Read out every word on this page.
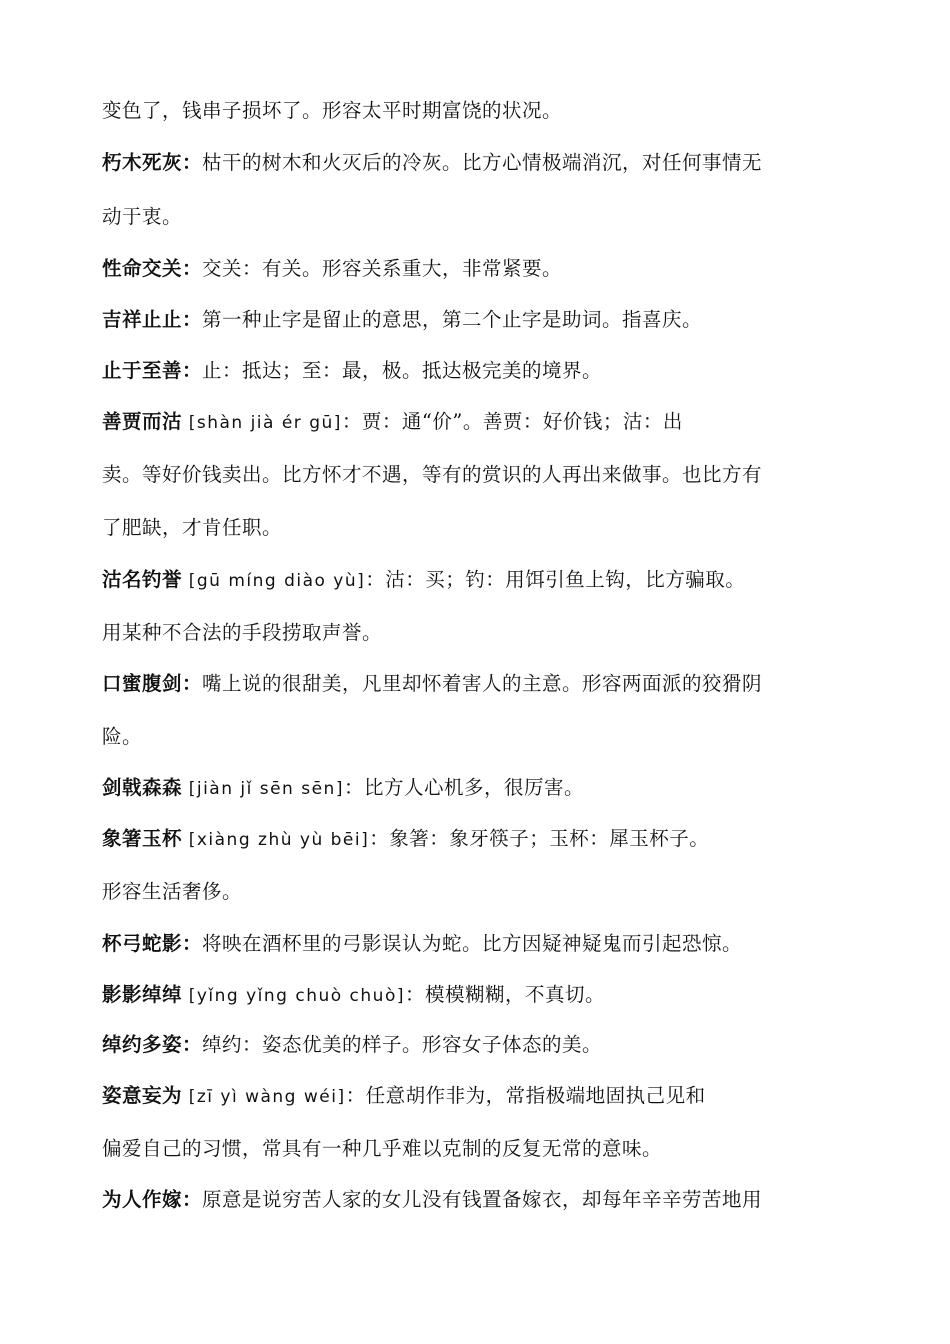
变色了，钱串子损坏了。形容太平时期富饶的状况。
朽木死灰：枯干的树木和火灭后的冷灰。比方心情极端消沉，对任何事情无
动于衷。
性命交关：交关：有关。形容关系重大，非常紧要。
吉祥止止：第一种止字是留止的意思，第二个止字是助词。指喜庆。
止于至善：止：抵达；至：最，极。抵达极完美的境界。
善贾而沽 [shàn jià ér gū]：贾：通“价”。善贾：好价钱；沽：出
卖。等好价钱卖出。比方怀才不遇，等有的赏识的人再出来做事。也比方有
了肥缺，才肯任职。
沽名钓誉 [gū míng diào yù]：沽：买；钓：用饵引鱼上钩，比方骗取。
用某种不合法的手段捞取声誉。
口蜜腹剑：嘴上说的很甜美，凡里却怀着害人的主意。形容两面派的狡猾阴
险。
剑戟森森 [jiàn jǐ sēn sēn]：比方人心机多，很厉害。
象箸玉杯 [xiàng zhù yù bēi]：象箸：象牙筷子；玉杯：犀玉杯子。
形容生活奢侈。
杯弓蛇影：将映在酒杯里的弓影误认为蛇。比方因疑神疑鬼而引起恐惊。
影影绰绰 [yǐng yǐng chuò chuò]：模模糊糊，不真切。
绰约多姿：绰约：姿态优美的样子。形容女子体态的美。
姿意妄为 [zī yì wàng wéi]：任意胡作非为，常指极端地固执己见和
偏爱自己的习惯，常具有一种几乎难以克制的反复无常的意味。
为人作嫁：原意是说穷苦人家的女儿没有钱置备嫁衣，却每年辛辛劳苦地用
